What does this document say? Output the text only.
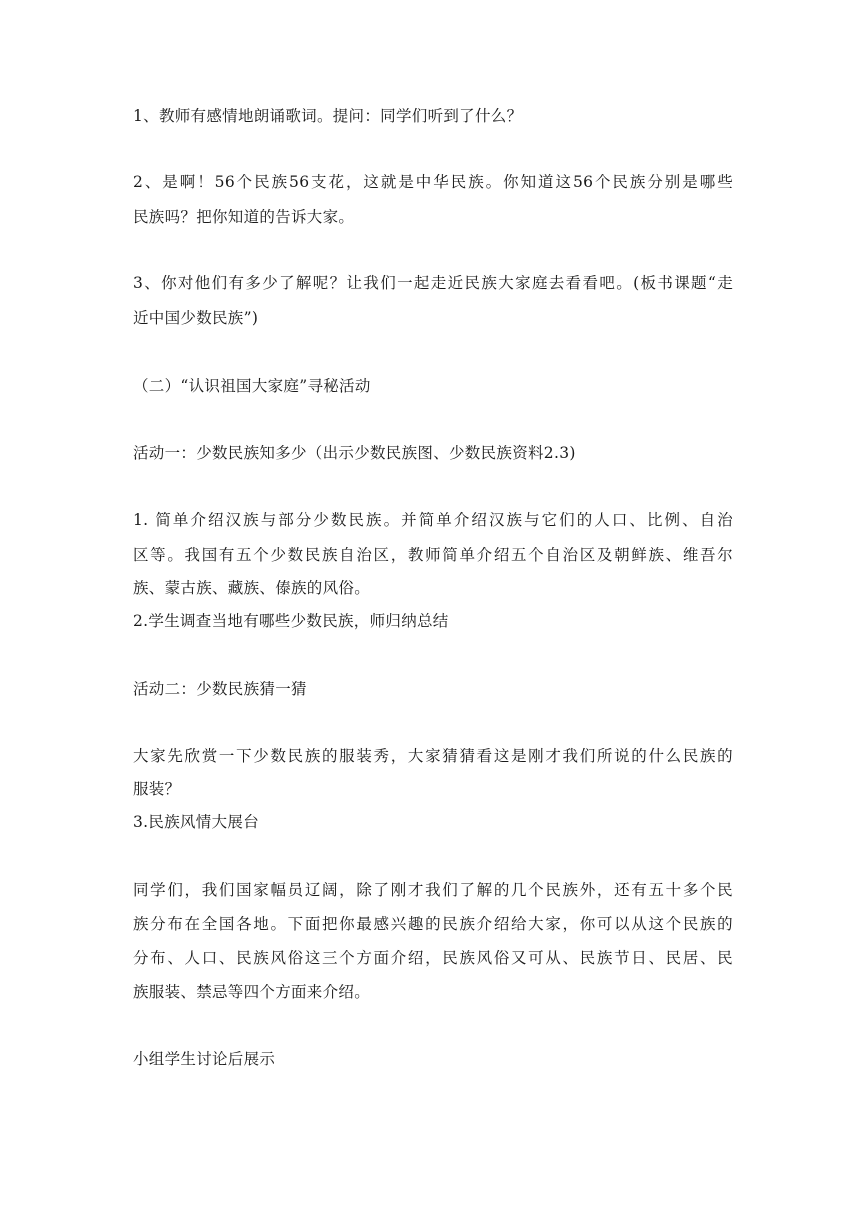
1、教师有感情地朗诵歌词。提问：同学们听到了什么？
2、是啊！56个民族56支花，这就是中华民族。你知道这56个民族分别是哪些
民族吗？把你知道的告诉大家。
3、你对他们有多少了解呢？让我们一起走近民族大家庭去看看吧。(板书课题“走
近中国少数民族”)
（二）“认识祖国大家庭”寻秘活动
活动一：少数民族知多少（出示少数民族图、少数民族资料2.3)
1. 简单介绍汉族与部分少数民族。并简单介绍汉族与它们的人口、比例、自治
区等。我国有五个少数民族自治区，教师简单介绍五个自治区及朝鲜族、维吾尔
族、蒙古族、藏族、傣族的风俗。
2.学生调查当地有哪些少数民族，师归纳总结
活动二：少数民族猜一猜
大家先欣赏一下少数民族的服装秀，大家猜猜看这是刚才我们所说的什么民族的
服装？
3.民族风情大展台
同学们，我们国家幅员辽阔，除了刚才我们了解的几个民族外，还有五十多个民
族分布在全国各地。下面把你最感兴趣的民族介绍给大家，你可以从这个民族的
分布、人口、民族风俗这三个方面介绍，民族风俗又可从、民族节日、民居、民
族服装、禁忌等四个方面来介绍。
小组学生讨论后展示
